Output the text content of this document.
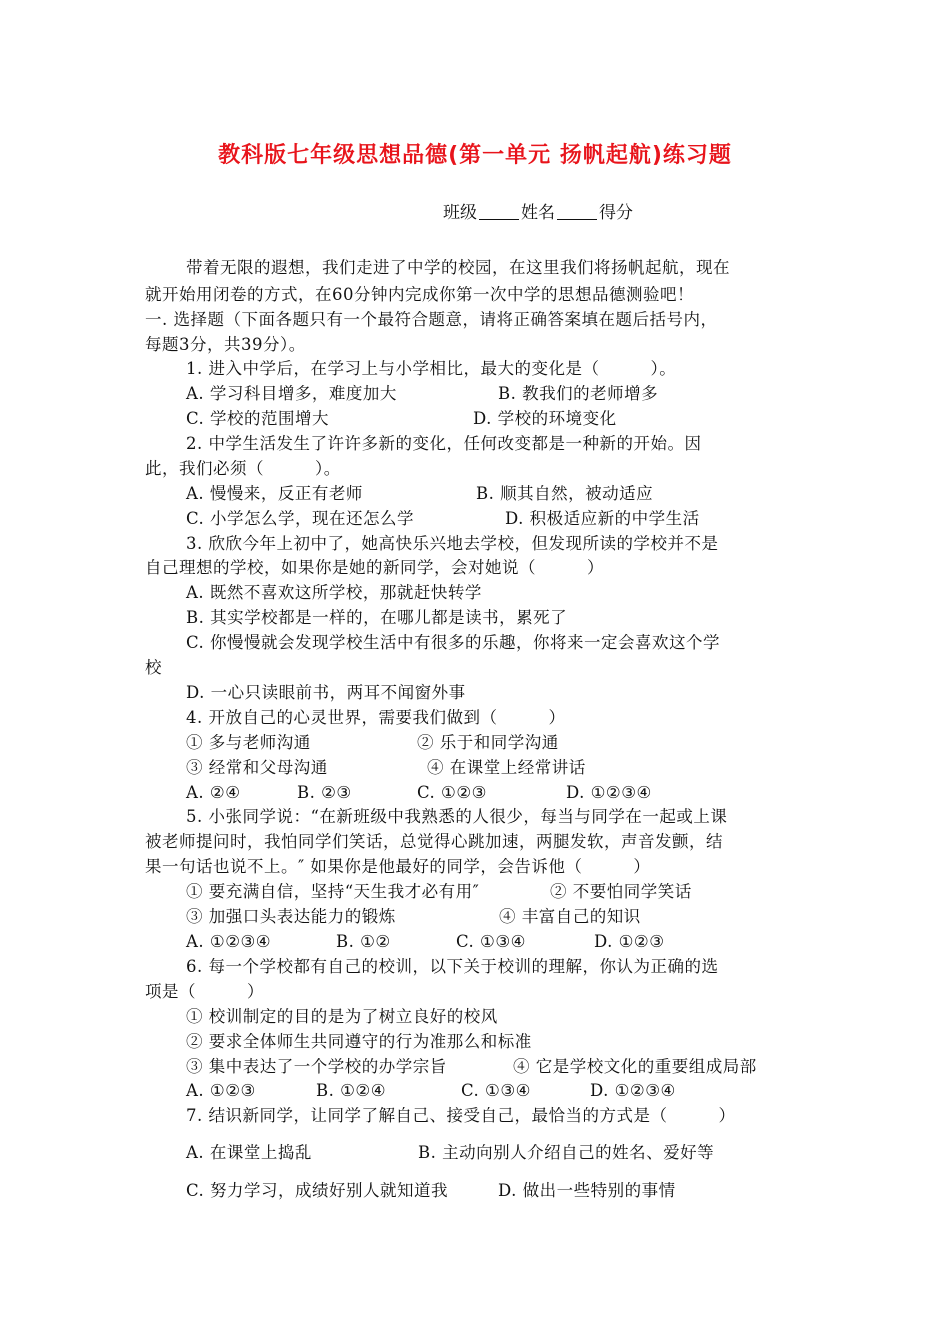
教科版七年级思想品德(第一单元 扬帆起航)练习题
班级	姓名	得分
带着无限的遐想，我们走进了中学的校园，在这里我们将扬帆起航，现在
就开始用闭卷的方式，在60分钟内完成你第一次中学的思想品德测验吧！
一. 选择题（下面各题只有一个最符合题意，请将正确答案填在题后括号内，
每题3分，共39分）。
1. 进入中学后，在学习上与小学相比，最大的变化是（　　　）。
A. 学习科目增多，难度加大	B. 教我们的老师增多
C. 学校的范围增大	D. 学校的环境变化
2. 中学生活发生了许许多新的变化，任何改变都是一种新的开始。因
此，我们必须（　　　）。
A. 慢慢来，反正有老师	B. 顺其自然，被动适应
C. 小学怎么学，现在还怎么学	D. 积极适应新的中学生活
3. 欣欣今年上初中了，她高快乐兴地去学校，但发现所读的学校并不是
自己理想的学校，如果你是她的新同学，会对她说（　　　）
A. 既然不喜欢这所学校，那就赶快转学
B. 其实学校都是一样的，在哪儿都是读书，累死了
C. 你慢慢就会发现学校生活中有很多的乐趣，你将来一定会喜欢这个学
校
D. 一心只读眼前书，两耳不闻窗外事
4. 开放自己的心灵世界，需要我们做到（　　　）
① 多与老师沟通	② 乐于和同学沟通
③ 经常和父母沟通	④ 在课堂上经常讲话
A. ②④	B. ②③	C. ①②③	D. ①②③④
5. 小张同学说：“在新班级中我熟悉的人很少，每当与同学在一起或上课
被老师提问时，我怕同学们笑话，总觉得心跳加速，两腿发软，声音发颤，结
果一句话也说不上。″ 如果你是他最好的同学，会告诉他（　　　）
① 要充满自信，坚持“天生我才必有用″	② 不要怕同学笑话
③ 加强口头表达能力的锻炼	④ 丰富自己的知识
A. ①②③④	B. ①②	C. ①③④	D. ①②③
6. 每一个学校都有自己的校训，以下关于校训的理解，你认为正确的选
项是（　　　）
① 校训制定的目的是为了树立良好的校风
② 要求全体师生共同遵守的行为准那么和标准
③ 集中表达了一个学校的办学宗旨	④ 它是学校文化的重要组成局部
A. ①②③	B. ①②④	C. ①③④	D. ①②③④
7. 结识新同学，让同学了解自己、接受自己，最恰当的方式是（　　　）
A. 在课堂上捣乱	B. 主动向别人介绍自己的姓名、爱好等
C. 努力学习，成绩好别人就知道我	D. 做出一些特别的事情
